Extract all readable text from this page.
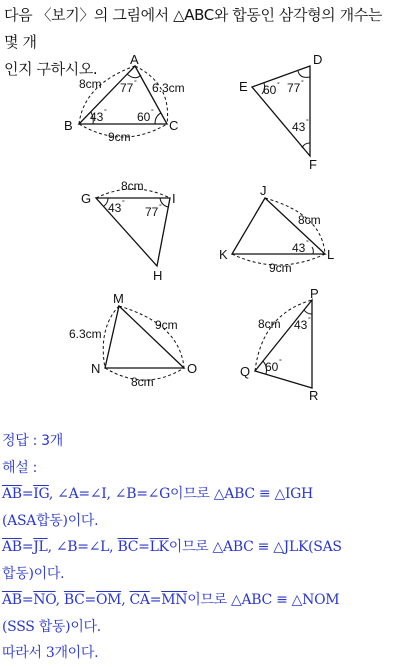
다음 〈보기〉의 그림에서 △ABC와 합동인 삼각형의 개수는 몇 개
인지 구하시오.
A
B	C
8cm	6.3cm
9cm
77 °
43 °	60 °
D
E
F
60 ° 77 °
43 °
G
H
I
8cm
43 °
77 °
J
K	L
8cm
9cm
43 °
M
N	O
6.3cm
9cm
8cm
P
Q
R
8cm 43 °
60 °
정답 : 3개
해설 :
$\overline{AB}=\overline{IG}$, ∠A=∠I, ∠B=∠G이므로 △ABC ≡ △IGH
(ASA합동)이다.
$\overline{AB}=\overline{JL}$, ∠B=∠L, $\overline{BC}=\overline{LK}$이므로 △ABC ≡ △JLK(SAS
합동)이다.
$\overline{AB}=\overline{NO}$, $\overline{BC}=\overline{OM}$, $\overline{CA}=\overline{MN}$이므로 △ABC ≡ △NOM
(SSS 합동)이다.
따라서 3개이다.
